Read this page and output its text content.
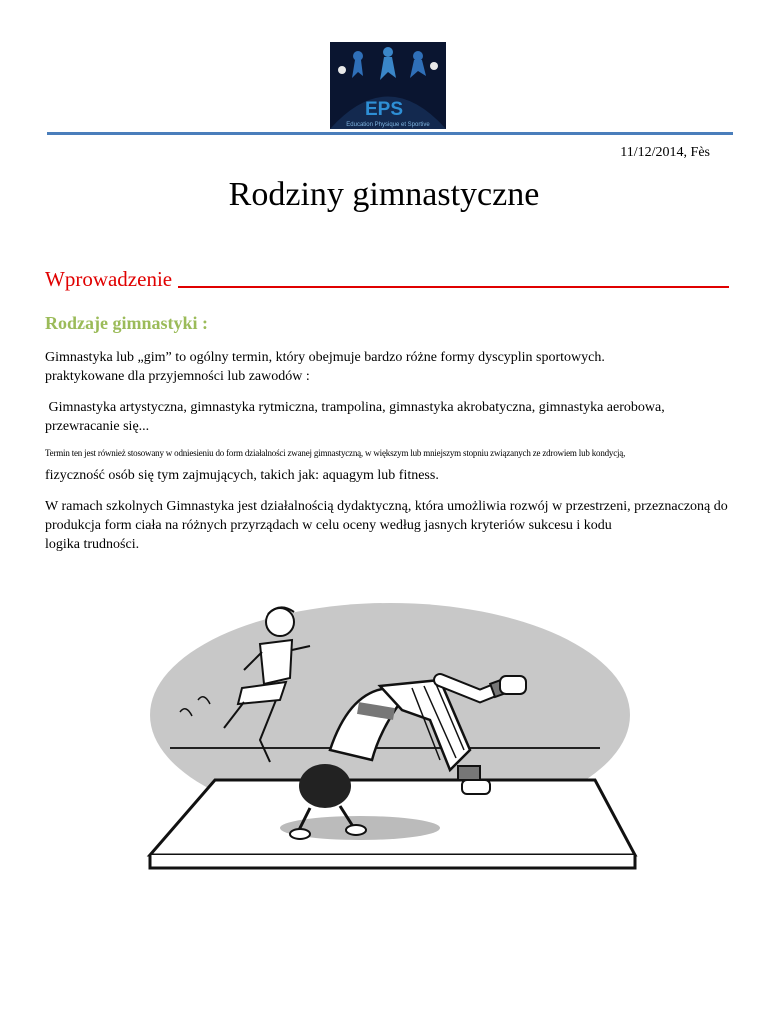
EPS
Education Physique et Sportive
11/12/2014, Fès
Rodziny gimnastyczne
Wprowadzenie
Rodzaje gimnastyki :
Gimnastyka lub „gim” to ogólny termin, który obejmuje bardzo różne formy dyscyplin sportowych.
praktykowane dla przyjemności lub zawodów :
Gimnastyka artystyczna, gimnastyka rytmiczna, trampolina, gimnastyka akrobatyczna, gimnastyka aerobowa, przewracanie się...
Termin ten jest również stosowany w odniesieniu do form działalności zwanej gimnastyczną, w większym lub mniejszym stopniu związanych ze zdrowiem lub kondycją,
fizyczność osób się tym zajmujących, takich jak: aquagym lub fitness.
W ramach szkolnych Gimnastyka jest działalnością dydaktyczną, która umożliwia rozwój w przestrzeni, przeznaczoną do
produkcja form ciała na różnych przyrządach w celu oceny według jasnych kryteriów sukcesu i kodu
logika trudności.
